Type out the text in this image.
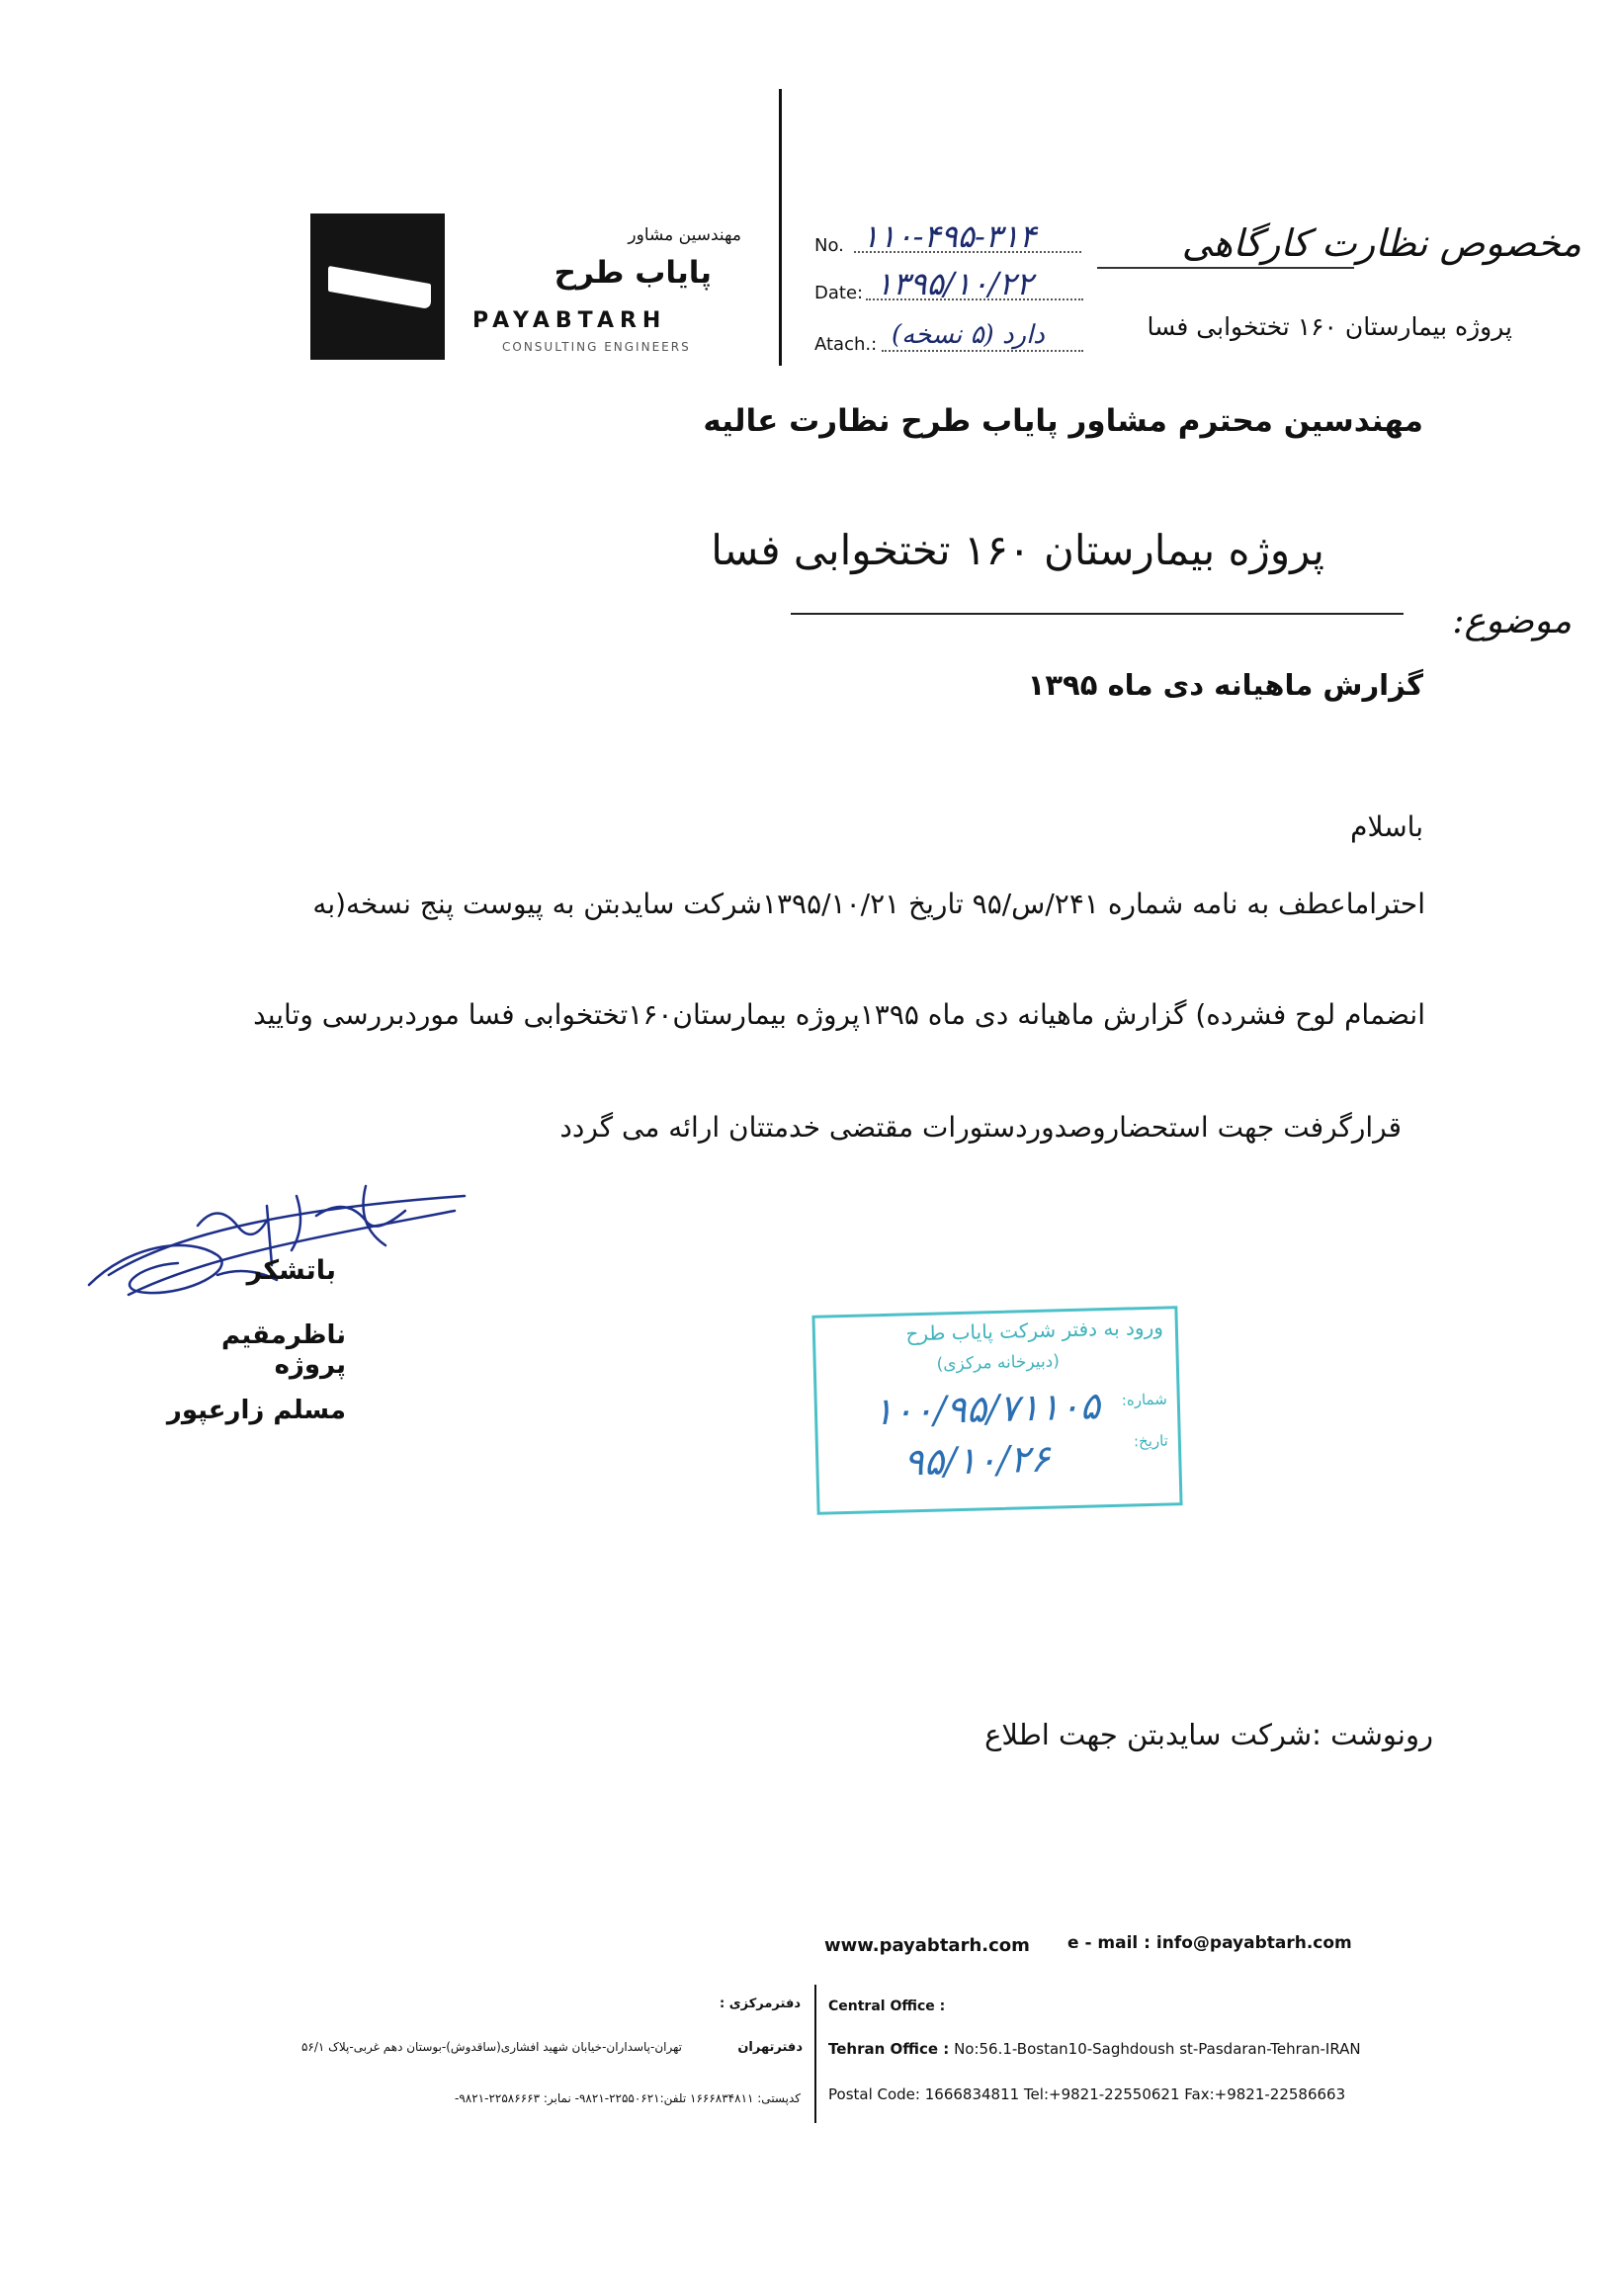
مهندسین مشاور
پایاب طرح
PAYABTARH
CONSULTING ENGINEERS
No. ۱۱۰-۴۹۵-۳۱۴
Date: ۱۳۹۵/۱۰/۲۲
Atach.: دارد (۵ نسخه)
مخصوص نظارت کارگاهی
پروژه بیمارستان ۱۶۰ تختخوابی فسا
مهندسین محترم مشاور پایاب طرح نظارت عالیه
پروژه بیمارستان ۱۶۰ تختخوابی فسا
موضوع:
گزارش ماهیانه دی ماه ۱۳۹۵
باسلام
احتراماعطف به نامه شماره ۲۴۱/س/۹۵ تاریخ ۱۳۹۵/۱۰/۲۱شرکت سایدبتن به پیوست پنج نسخه(به
انضمام لوح فشرده) گزارش ماهیانه دی ماه ۱۳۹۵پروژه بیمارستان۱۶۰تختخوابی فسا موردبررسی وتایید
قرارگرفت جهت استحضاروصدوردستورات مقتضی خدمتتان ارائه می گردد
باتشکر
ناظرمقیم پروژه
مسلم زارعپور
ورود به دفتر شرکت پایاب طرح
(دبیرخانه مرکزی)
شماره:
تاریخ:
۱۰۰/۹۵/۷۱۱۰۵
۹۵/۱۰/۲۶
رونوشت :شرکت سایدبتن جهت اطلاع
www.payabtarh.com e - mail : info@payabtarh.com
دفترمرکزی :
دفترتهران
تهران-پاسداران-خیابان شهید افشاری(ساقدوش)-بوستان دهم غربی-پلاک ۵۶/۱
Central Office :
Tehran Office : No:56.1-Bostan10-Saghdoush st-Pasdaran-Tehran-IRAN
Postal Code: 1666834811 Tel:+9821-22550621 Fax:+9821-22586663
کدپستی: ۱۶۶۶۸۳۴۸۱۱ تلفن:۲۲۵۵۰۶۲۱-۹۸۲۱- نمابر: ۲۲۵۸۶۶۶۳-۹۸۲۱-
